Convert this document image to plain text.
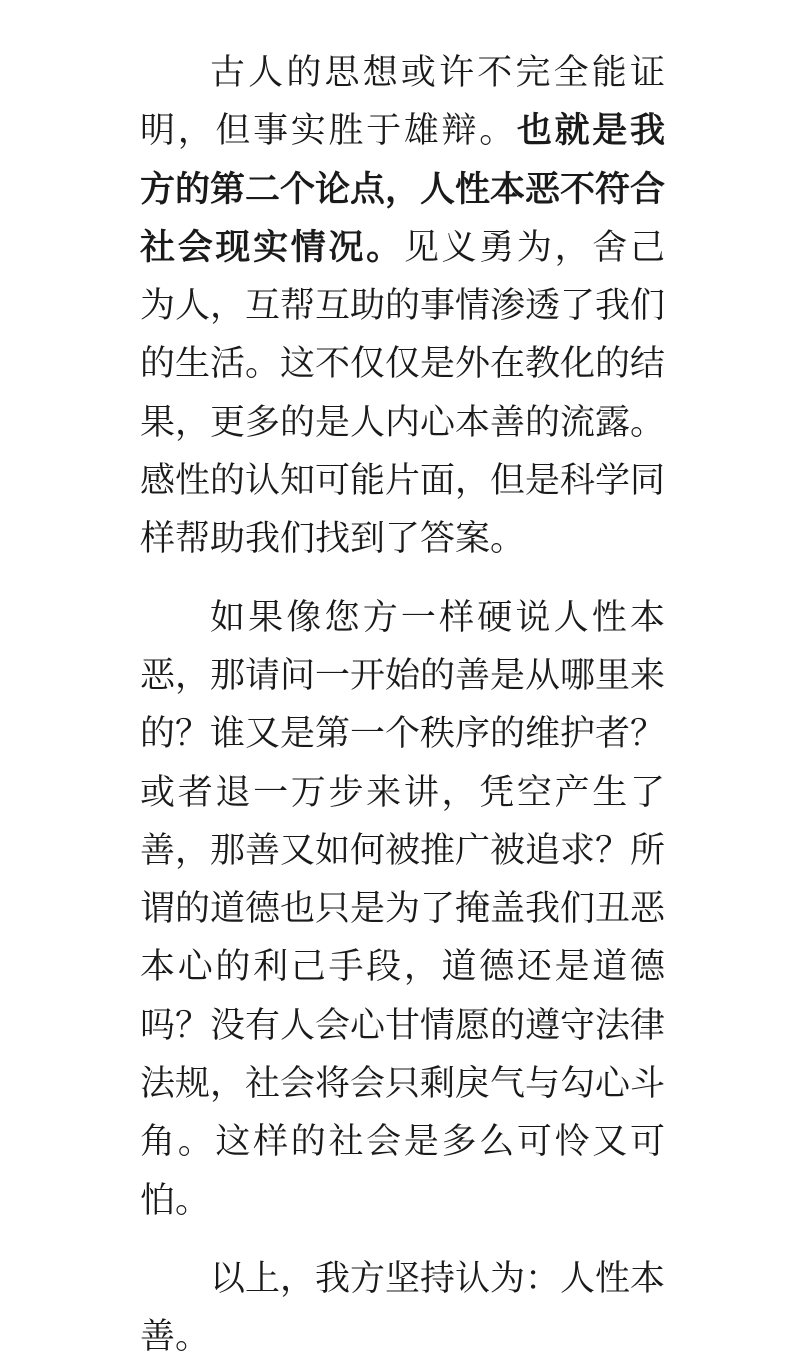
古人的思想或许不完全能证明，但事实胜于雄辩。也就是我方的第二个论点，人性本恶不符合社会现实情况。见义勇为，舍己为人，互帮互助的事情渗透了我们的生活。这不仅仅是外在教化的结果，更多的是人内心本善的流露。感性的认知可能片面，但是科学同样帮助我们找到了答案。

如果像您方一样硬说人性本恶，那请问一开始的善是从哪里来的？谁又是第一个秩序的维护者？或者退一万步来讲，凭空产生了善，那善又如何被推广被追求？所谓的道德也只是为了掩盖我们丑恶本心的利己手段，道德还是道德吗？没有人会心甘情愿的遵守法律法规，社会将会只剩戾气与勾心斗角。这样的社会是多么可怜又可怕。

以上，我方坚持认为：人性本善。
